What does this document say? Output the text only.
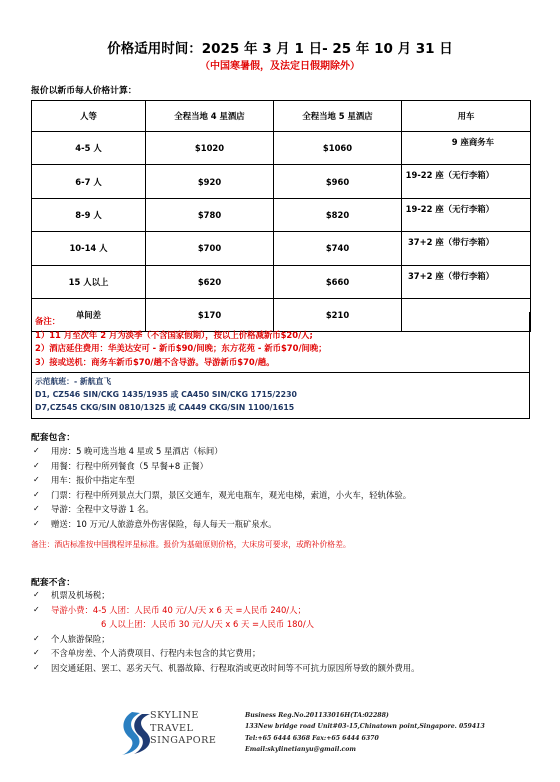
价格适用时间：2025 年 3 月 1 日- 25 年 10 月 31 日
（中国寒暑假，及法定日假期除外）
报价以新币每人价格计算：
人等	全程当地 4 星酒店	全程当地 5 星酒店	用车
4-5 人	$1020	$1060	9 座商务车
6-7 人	$920	$960	19-22 座（无行李箱）
8-9 人	$780	$820	19-22 座（无行李箱）
10-14 人	$700	$740	37+2 座（带行李箱）
15 人以上	$620	$660	37+2 座（带行李箱）
单间差	$170	$210	
备注：
1）11 月至次年 2 月为淡季（不含国家假期），按以上价格减新币$20/人;
2）酒店延住费用：华美达安可 - 新币$90/间晚；东方花苑 - 新币$70/间晚；
3）接或送机：商务车新币$70/趟不含导游。导游新币$70/趟。
示范航班：- 新航直飞
D1, CZ546 SIN/CKG 1435/1935 或 CA450 SIN/CKG 1715/2230
D7,CZ545 CKG/SIN 0810/1325 或 CA449 CKG/SIN 1100/1615
配套包含：
✓ 用房：5 晚可选当地 4 星或 5 星酒店（标间）
✓ 用餐：行程中所列餐食（5 早餐+8 正餐）
✓ 用车：报价中指定车型
✓ 门票：行程中所列景点大门票，景区交通车，观光电瓶车，观光电梯，索道，小火车，轻轨体验。
✓ 导游：全程中文导游 1 名。
✓ 赠送：10 万元/人旅游意外伤害保险，每人每天一瓶矿泉水。
备注：酒店标准按中国携程评星标准。报价为基础原则价格，大床房可要求，或酌补价格差。
配套不含：
✓ 机票及机场税；
✓ 导游小费：4-5 人团：人民币 40 元/人/天 x 6 天 =人民币 240/人；
6 人以上团：人民币 30 元/人/天 x 6 天 =人民币 180/人
✓ 个人旅游保险；
✓ 不含单房差、个人消费项目、行程内未包含的其它费用；
✓ 因交通延阻、罢工、恶劣天气、机器故障、行程取消或更改时间等不可抗力原因所导致的额外费用。
SKYLINE
TRAVEL
SINGAPORE
Business Reg.No.201133016H(TA:02288)
133New bridge road Unit#03-15,Chinatown point,Singapore. 059413
Tel:+65 6444 6368 Fax:+65 6444 6370
Email:skylinetianyu@gmail.com
